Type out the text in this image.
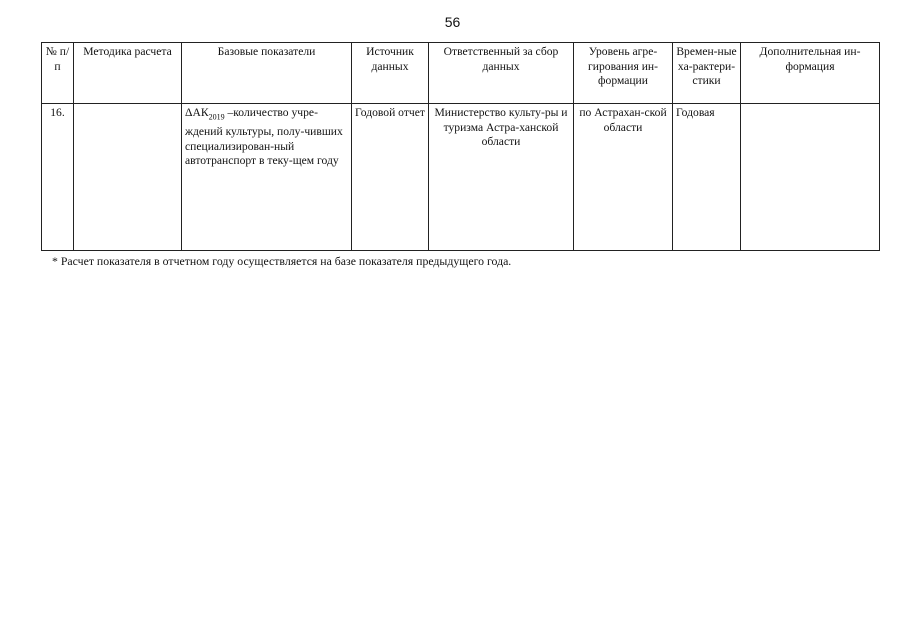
56
№ п/п	Методика расчета	Базовые показатели	Источник данных	Ответственный за сбор данных	Уровень агре-гирования ин-формации	Времен-ные ха-рактери-стики	Дополнительная ин-формация
16.		$\Delta АК_{2019}$ –количество учре-ждений культуры, полу-чивших специализирован-ный автотранспорт в теку-щем году	Годовой отчет	Министерство культу-ры и туризма Астра-ханской области	по Астрахан-ской области	Годовая	
* Расчет показателя в отчетном году осуществляется на базе показателя предыдущего года.
